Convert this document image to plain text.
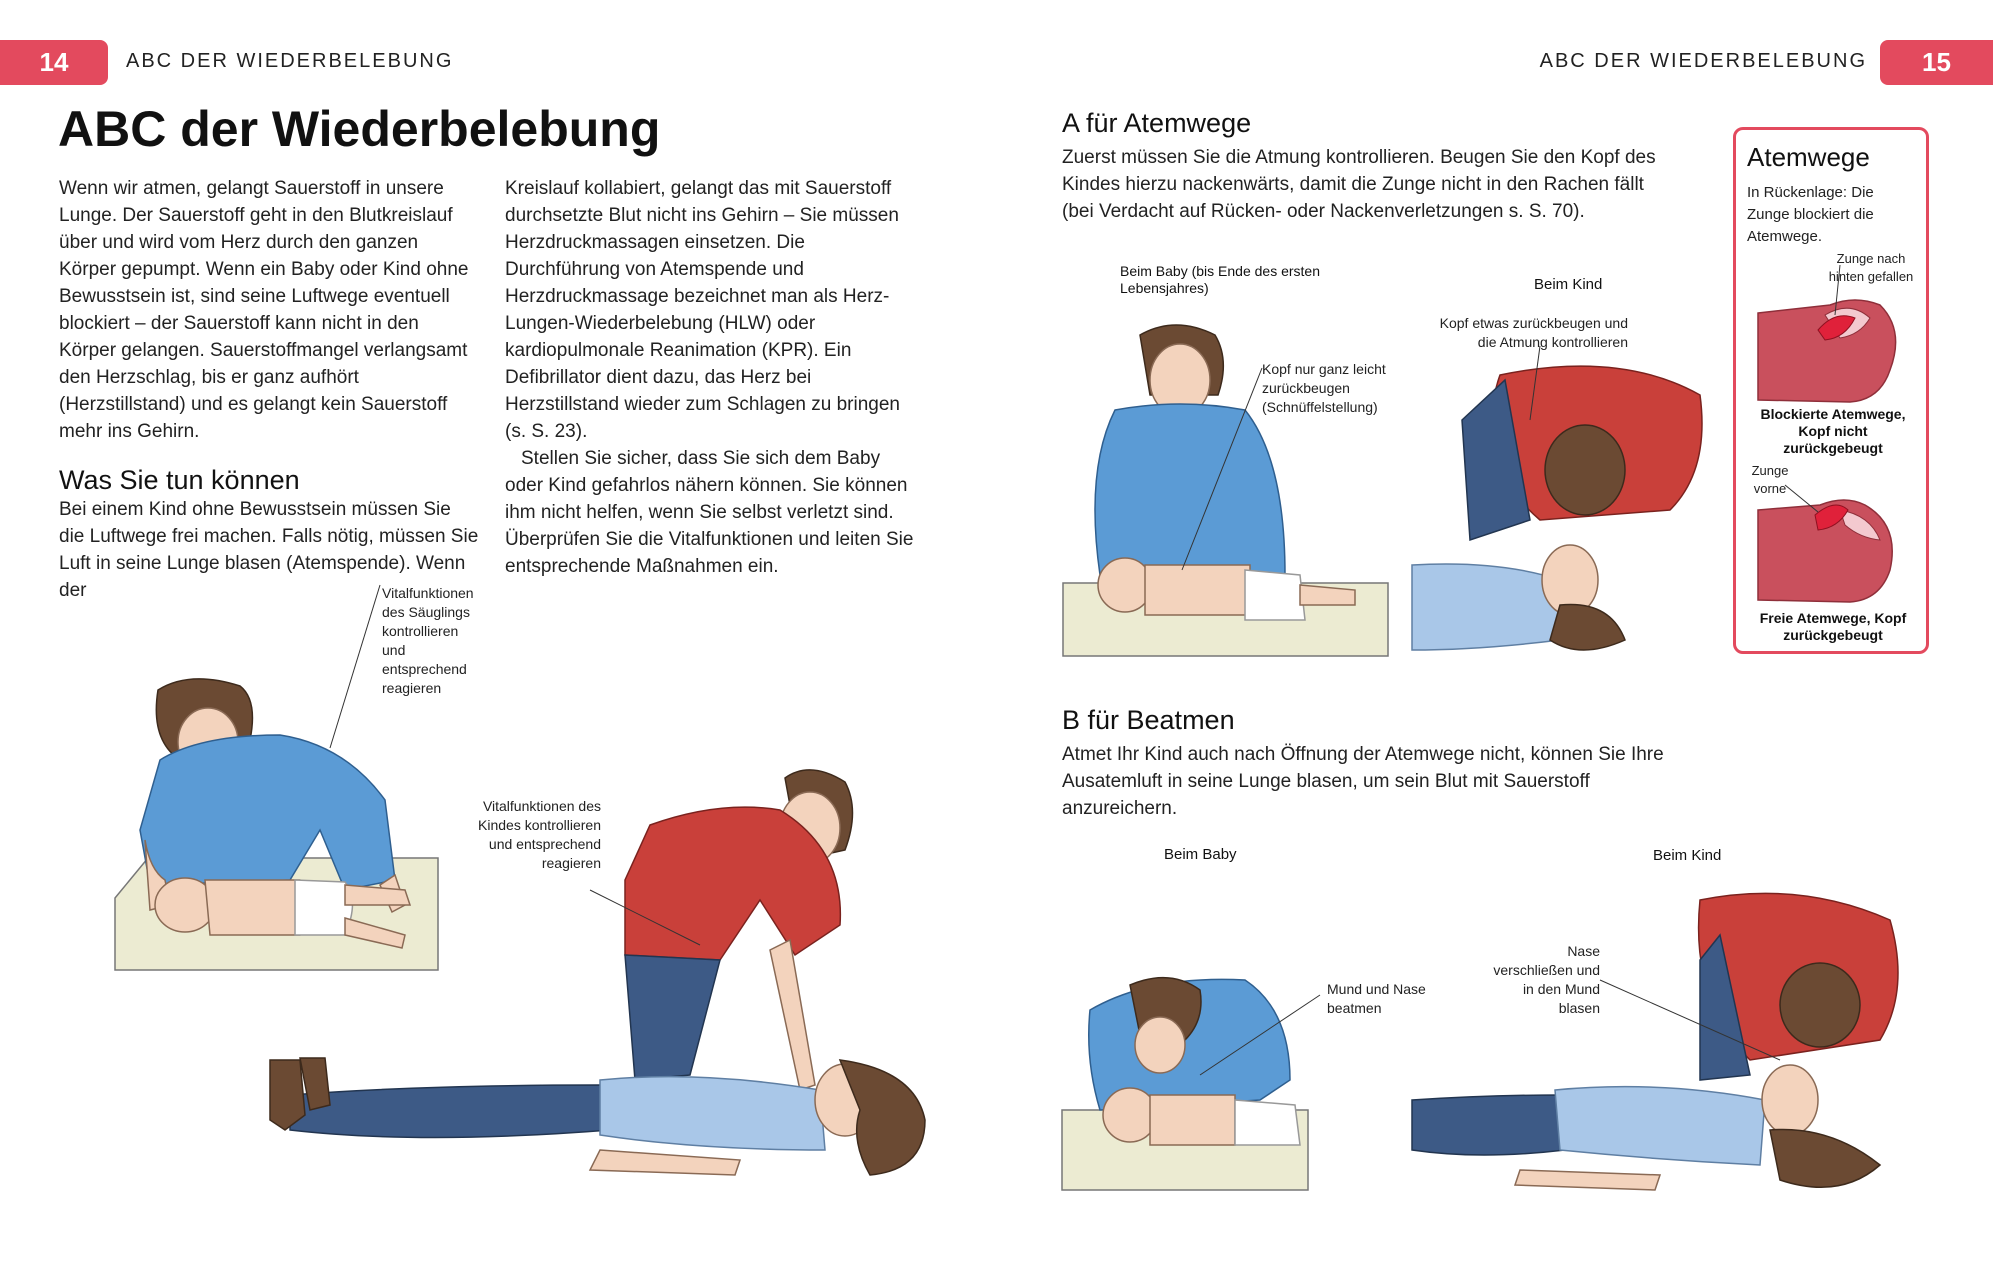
14	ABC DER WIEDERBELEBUNG	15
ABC DER WIEDERBELEBUNG
ABC der Wiederbelebung

Wenn wir atmen, gelangt Sauerstoff in unsere Lunge. Der Sauerstoff geht in den Blutkreislauf über und wird vom Herz durch den ganzen Körper gepumpt. Wenn ein Baby oder Kind ohne Bewusstsein ist, sind seine Luftwege eventuell blockiert – der Sauerstoff kann nicht in den Körper gelangen. Sauerstoffmangel verlangsamt den Herzschlag, bis er ganz aufhört (Herzstillstand) und es gelangt kein Sauerstoff mehr ins Gehirn.

Was Sie tun können

Bei einem Kind ohne Bewusstsein müssen Sie die Luftwege frei machen. Falls nötig, müssen Sie Luft in seine Lunge blasen (Atemspende). Wenn der

Kreislauf kollabiert, gelangt das mit Sauerstoff durchsetzte Blut nicht ins Gehirn – Sie müssen Herzdruckmassagen einsetzen. Die Durchführung von Atemspende und Herzdruckmassage bezeichnet man als Herz-Lungen-Wiederbelebung (HLW) oder kardiopulmonale Reanimation (KPR). Ein Defibrillator dient dazu, das Herz bei Herzstillstand wieder zum Schlagen zu bringen (s. S. 23).

Stellen Sie sicher, dass Sie sich dem Baby oder Kind gefahrlos nähern können. Sie können ihm nicht helfen, wenn Sie selbst verletzt sind. Überprüfen Sie die Vitalfunktionen und leiten Sie entsprechende Maßnahmen ein.

Vitalfunktionen des Säuglings kontrollieren und entsprechend reagieren
Vitalfunktionen des Kindes kontrollieren und entsprechend reagieren
A für Atemwege
Zuerst müssen Sie die Atmung kontrollieren. Beugen Sie den Kopf des Kindes hierzu nackenwärts, damit die Zunge nicht in den Rachen fällt (bei Verdacht auf Rücken- oder Nackenverletzungen s. S. 70).
Beim Baby (bis Ende des ersten Lebensjahres)
Kopf nur ganz leicht zurückbeugen (Schnüffelstellung)
Beim Kind
Kopf etwas zurückbeugen und die Atmung kontrollieren
B für Beatmen
Atmet Ihr Kind auch nach Öffnung der Atemwege nicht, können Sie Ihre Ausatemluft in seine Lunge blasen, um sein Blut mit Sauerstoff anzureichern.
Beim Baby
Mund und Nase beatmen
Beim Kind
Nase verschließen und in den Mund blasen
Atemwege
In Rückenlage: Die Zunge blockiert die Atemwege.
Zunge nach hinten gefallen
Blockierte Atemwege, Kopf nicht zurückgebeugt
Zunge vorne
Freie Atemwege, Kopf zurückgebeugt
